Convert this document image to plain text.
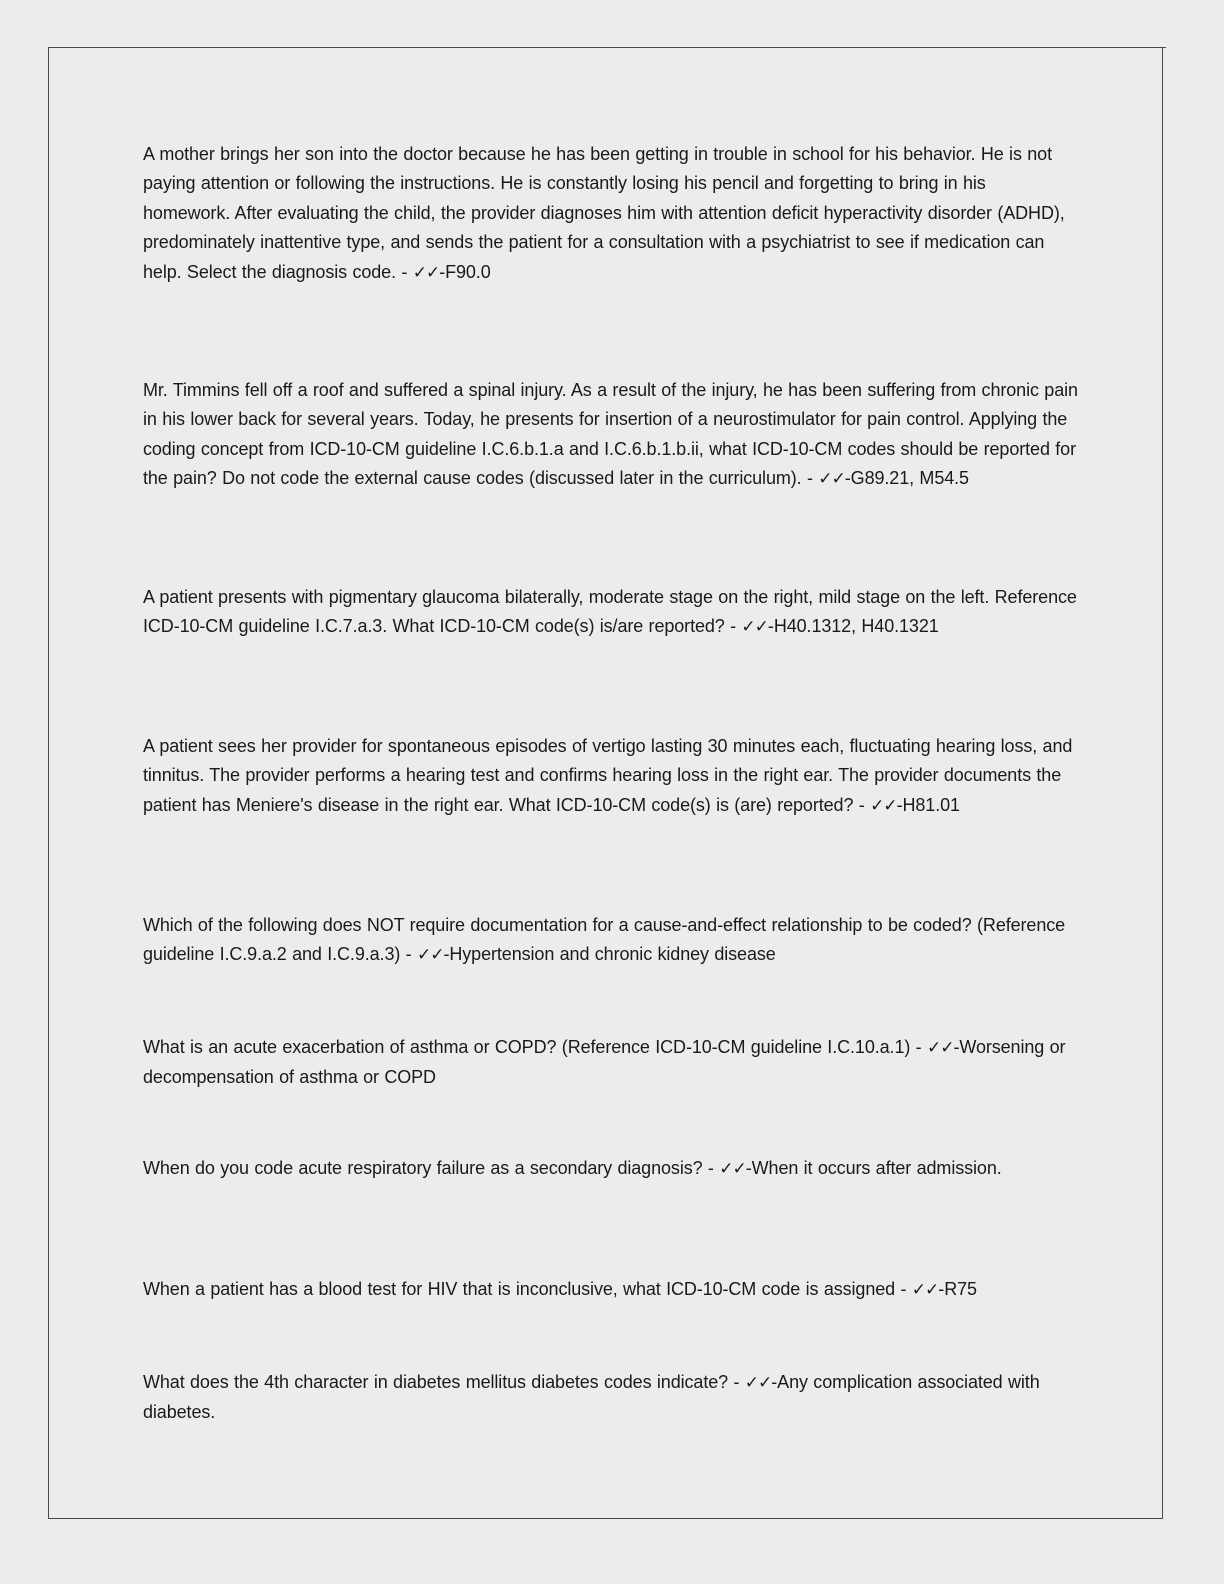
A mother brings her son into the doctor because he has been getting in trouble in school for his behavior. He is not paying attention or following the instructions. He is constantly losing his pencil and forgetting to bring in his homework. After evaluating the child, the provider diagnoses him with attention deficit hyperactivity disorder (ADHD), predominately inattentive type, and sends the patient for a consultation with a psychiatrist to see if medication can help. Select the diagnosis code. - ✓✓-F90.0
Mr. Timmins fell off a roof and suffered a spinal injury. As a result of the injury, he has been suffering from chronic pain in his lower back for several years. Today, he presents for insertion of a neurostimulator for pain control. Applying the coding concept from ICD-10-CM guideline I.C.6.b.1.a and I.C.6.b.1.b.ii, what ICD-10-CM codes should be reported for the pain? Do not code the external cause codes (discussed later in the curriculum). - ✓✓-G89.21, M54.5
A patient presents with pigmentary glaucoma bilaterally, moderate stage on the right, mild stage on the left. Reference ICD-10-CM guideline I.C.7.a.3. What ICD-10-CM code(s) is/are reported? - ✓✓-H40.1312, H40.1321
A patient sees her provider for spontaneous episodes of vertigo lasting 30 minutes each, fluctuating hearing loss, and tinnitus. The provider performs a hearing test and confirms hearing loss in the right ear. The provider documents the patient has Meniere's disease in the right ear. What ICD-10-CM code(s) is (are) reported? - ✓✓-H81.01
Which of the following does NOT require documentation for a cause-and-effect relationship to be coded? (Reference guideline I.C.9.a.2 and I.C.9.a.3) - ✓✓-Hypertension and chronic kidney disease
What is an acute exacerbation of asthma or COPD? (Reference ICD-10-CM guideline I.C.10.a.1) - ✓✓-Worsening or decompensation of asthma or COPD
When do you code acute respiratory failure as a secondary diagnosis? - ✓✓-When it occurs after admission.
When a patient has a blood test for HIV that is inconclusive, what ICD-10-CM code is assigned - ✓✓-R75
What does the 4th character in diabetes mellitus diabetes codes indicate? - ✓✓-Any complication associated with diabetes.
